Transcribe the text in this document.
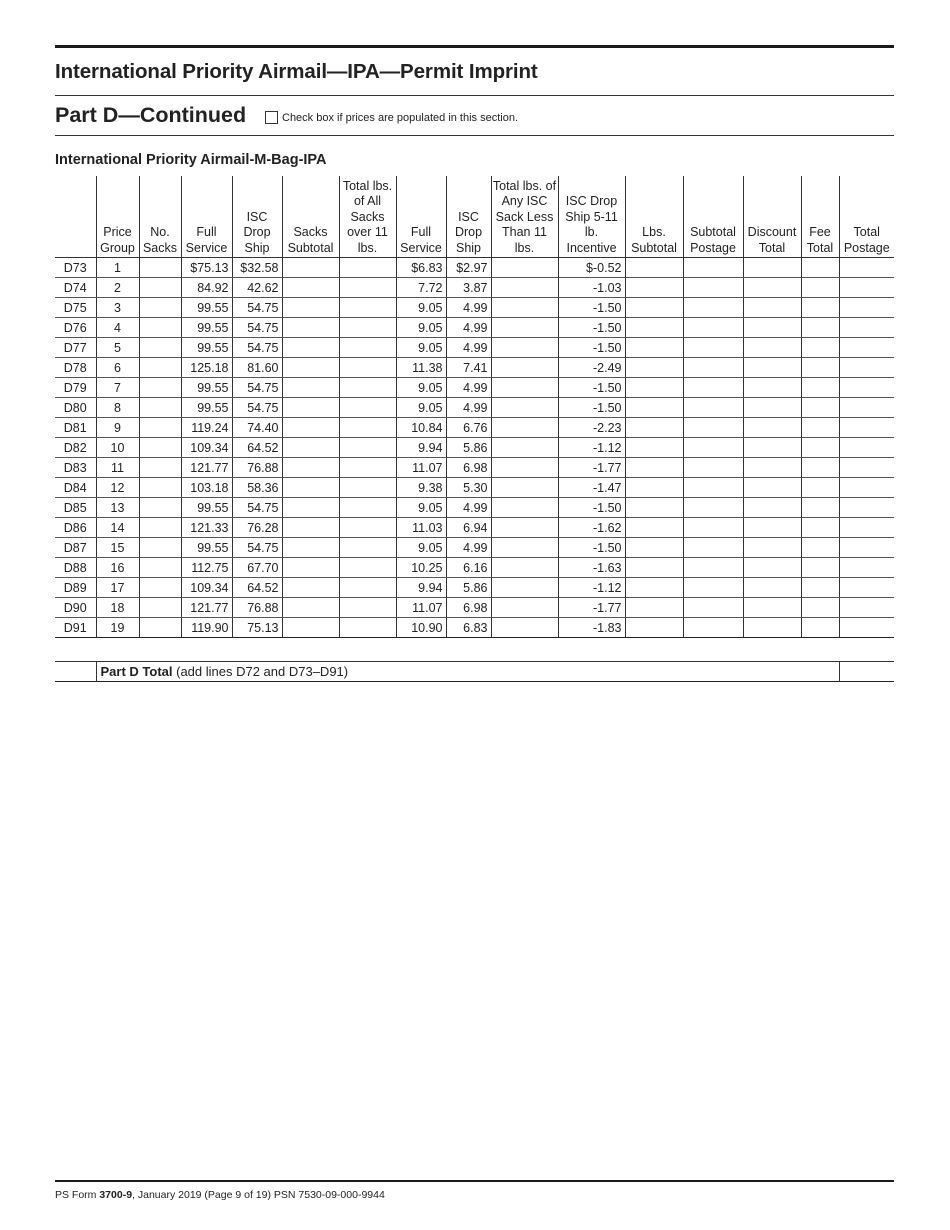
International Priority Airmail—IPA—Permit Imprint
Part D—Continued	Check box if prices are populated in this section.
International Priority Airmail-M-Bag-IPA
	Price Group	No. Sacks	Full Service	ISC Drop Ship	Sacks Subtotal	Total lbs. of All Sacks over 11 lbs.	Full Service	ISC Drop Ship	Total lbs. of Any ISC Sack Less Than 11 lbs.	ISC Drop Ship 5-11 lb. Incentive	Lbs. Subtotal	Subtotal Postage	Discount Total	Fee Total	Total Postage
D73	1		$75.13	$32.58			$6.83	$2.97		$-0.52					
D74	2		84.92	42.62			7.72	3.87		-1.03					
D75	3		99.55	54.75			9.05	4.99		-1.50					
D76	4		99.55	54.75			9.05	4.99		-1.50					
D77	5		99.55	54.75			9.05	4.99		-1.50					
D78	6		125.18	81.60			11.38	7.41		-2.49					
D79	7		99.55	54.75			9.05	4.99		-1.50					
D80	8		99.55	54.75			9.05	4.99		-1.50					
D81	9		119.24	74.40			10.84	6.76		-2.23					
D82	10		109.34	64.52			9.94	5.86		-1.12					
D83	11		121.77	76.88			11.07	6.98		-1.77					
D84	12		103.18	58.36			9.38	5.30		-1.47					
D85	13		99.55	54.75			9.05	4.99		-1.50					
D86	14		121.33	76.28			11.03	6.94		-1.62					
D87	15		99.55	54.75			9.05	4.99		-1.50					
D88	16		112.75	67.70			10.25	6.16		-1.63					
D89	17		109.34	64.52			9.94	5.86		-1.12					
D90	18		121.77	76.88			11.07	6.98		-1.77					
D91	19		119.90	75.13			10.90	6.83		-1.83					
	Part D Total (add lines D72 and D73–D91)	
PS Form 3700-9, January 2019 (Page 9 of 19) PSN 7530-09-000-9944
